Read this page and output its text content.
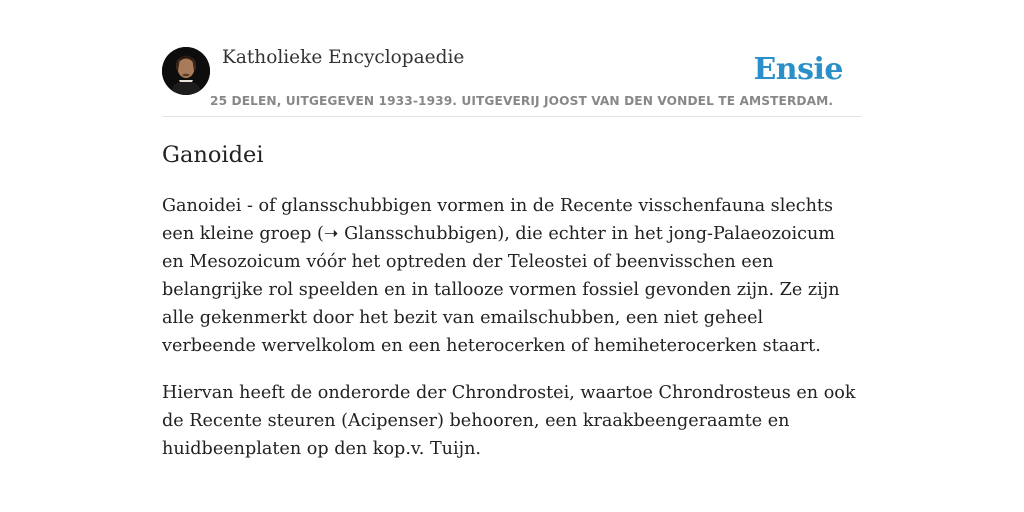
Katholieke Encyclopaedie
25 DELEN, UITGEGEVEN 1933-1939. UITGEVERIJ JOOST VAN DEN VONDEL TE AMSTERDAM.
Ensie
Ganoidei

Ganoidei - of glansschubbigen vormen in de Recente visschenfauna slechts een kleine groep (➝ Glansschubbigen), die echter in het jong-Palaeozoicum en Mesozoicum vóór het optreden der Teleostei of beenvisschen een belangrijke rol speelden en in tallooze vormen fossiel gevonden zijn. Ze zijn alle gekenmerkt door het bezit van emailschubben, een niet geheel verbeende wervelkolom en een heterocerken of hemiheterocerken staart.

Hiervan heeft de onderorde der Chrondrostei, waartoe Chrondrosteus en ook de Recente steuren (Acipenser) behooren, een kraakbeengeraamte en huidbeenplaten op den kop.v. Tuijn.
